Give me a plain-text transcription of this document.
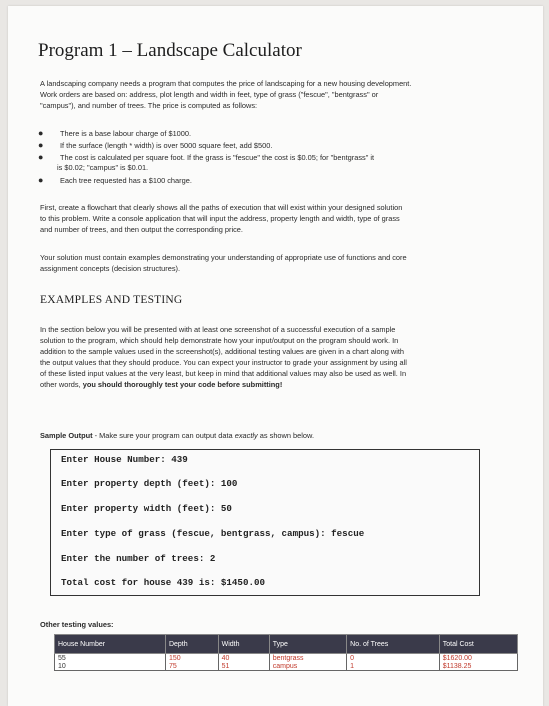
Program 1 – Landscape Calculator
A landscaping company needs a program that computes the price of landscaping for a new housing development.
Work orders are based on: address, plot length and width in feet, type of grass ("fescue", "bentgrass" or
"campus"), and number of trees. The price is computed as follows:
● There is a base labour charge of $1000.
● If the surface (length * width) is over 5000 square feet, add $500.
● The cost is calculated per square foot. If the grass is "fescue" the cost is $0.05; for "bentgrass" it
is $0.02; "campus" is $0.01.
● Each tree requested has a $100 charge.
First, create a flowchart that clearly shows all the paths of execution that will exist within your designed solution
to this problem. Write a console application that will input the address, property length and width, type of grass
and number of trees, and then output the corresponding price.
Your solution must contain examples demonstrating your understanding of appropriate use of functions and core
assignment concepts (decision structures).
EXAMPLES AND TESTING
In the section below you will be presented with at least one screenshot of a successful execution of a sample
solution to the program, which should help demonstrate how your input/output on the program should work. In
addition to the sample values used in the screenshot(s), additional testing values are given in a chart along with
the output values that they should produce. You can expect your instructor to grade your assignment by using all
of these listed input values at the very least, but keep in mind that additional values may also be used as well. In
other words, you should thoroughly test your code before submitting!
Sample Output - Make sure your program can output data exactly as shown below.
Enter House Number: 439
Enter property depth (feet): 100
Enter property width (feet): 50
Enter type of grass (fescue, bentgrass, campus): fescue
Enter the number of trees: 2
Total cost for house 439 is: $1450.00
Other testing values:
House Number	Depth	Width	Type	No. of Trees	Total Cost
55	150	40	bentgrass	0	$1620.00
10	75	51	campus	1	$1138.25
